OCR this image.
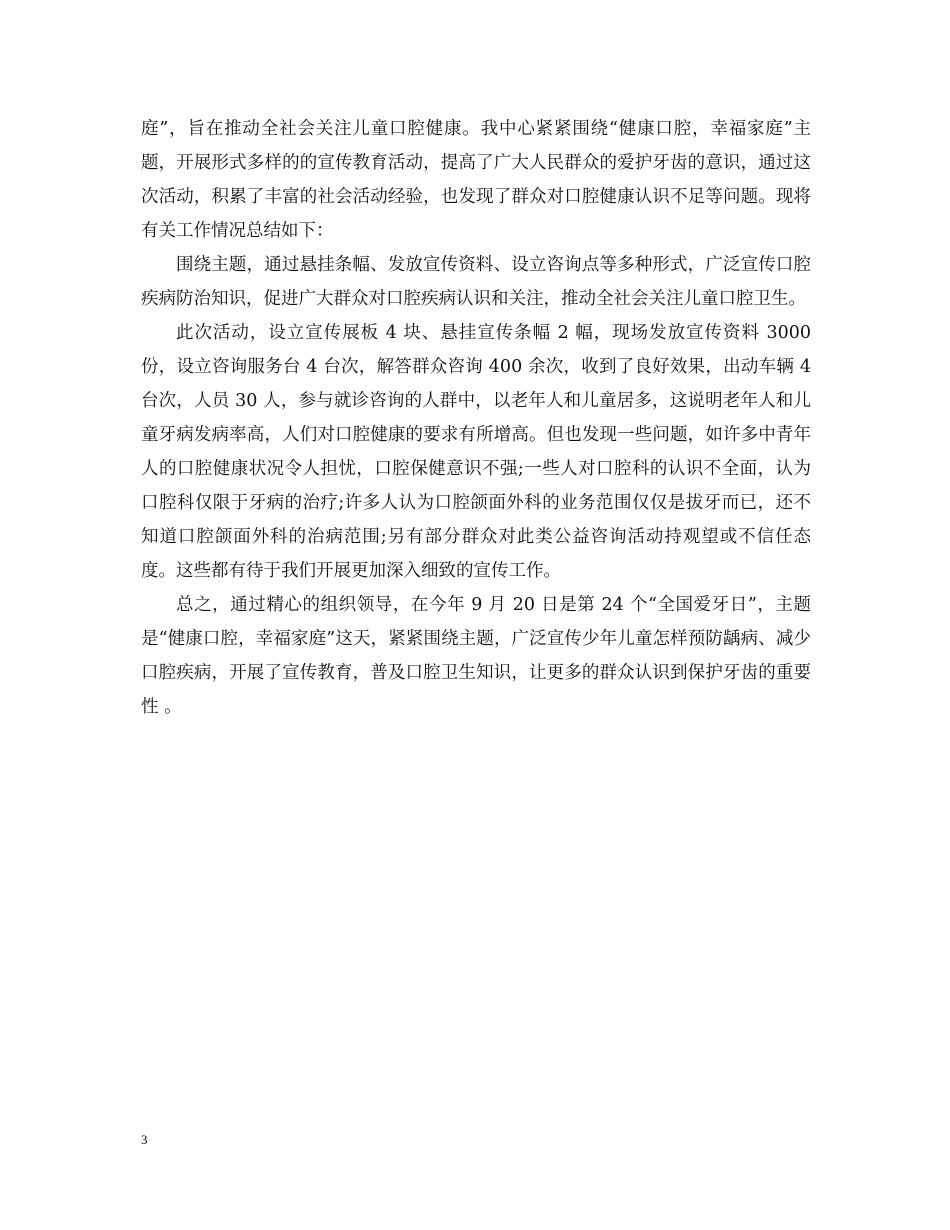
庭”，旨在推动全社会关注儿童口腔健康。我中心紧紧围绕“健康口腔，幸福家庭”主题，开展形式多样的的宣传教育活动，提高了广大人民群众的爱护牙齿的意识，通过这次活动，积累了丰富的社会活动经验，也发现了群众对口腔健康认识不足等问题。现将有关工作情况总结如下：

围绕主题，通过悬挂条幅、发放宣传资料、设立咨询点等多种形式，广泛宣传口腔疾病防治知识，促进广大群众对口腔疾病认识和关注，推动全社会关注儿童口腔卫生。

此次活动，设立宣传展板 4 块、悬挂宣传条幅 2 幅，现场发放宣传资料 3000 份，设立咨询服务台 4 台次，解答群众咨询 400 余次，收到了良好效果，出动车辆 4 台次，人员 30 人，参与就诊咨询的人群中，以老年人和儿童居多，这说明老年人和儿童牙病发病率高，人们对口腔健康的要求有所增高。但也发现一些问题，如许多中青年人的口腔健康状况令人担忧，口腔保健意识不强;一些人对口腔科的认识不全面，认为口腔科仅限于牙病的治疗;许多人认为口腔颌面外科的业务范围仅仅是拔牙而已，还不知道口腔颌面外科的治病范围;另有部分群众对此类公益咨询活动持观望或不信任态度。这些都有待于我们开展更加深入细致的宣传工作。

总之，通过精心的组织领导，在今年 9 月 20 日是第 24 个“全国爱牙日”，主题是“健康口腔，幸福家庭”这天，紧紧围绕主题，广泛宣传少年儿童怎样预防龋病、减少口腔疾病，开展了宣传教育，普及口腔卫生知识，让更多的群众认识到保护牙齿的重要性 。

3
